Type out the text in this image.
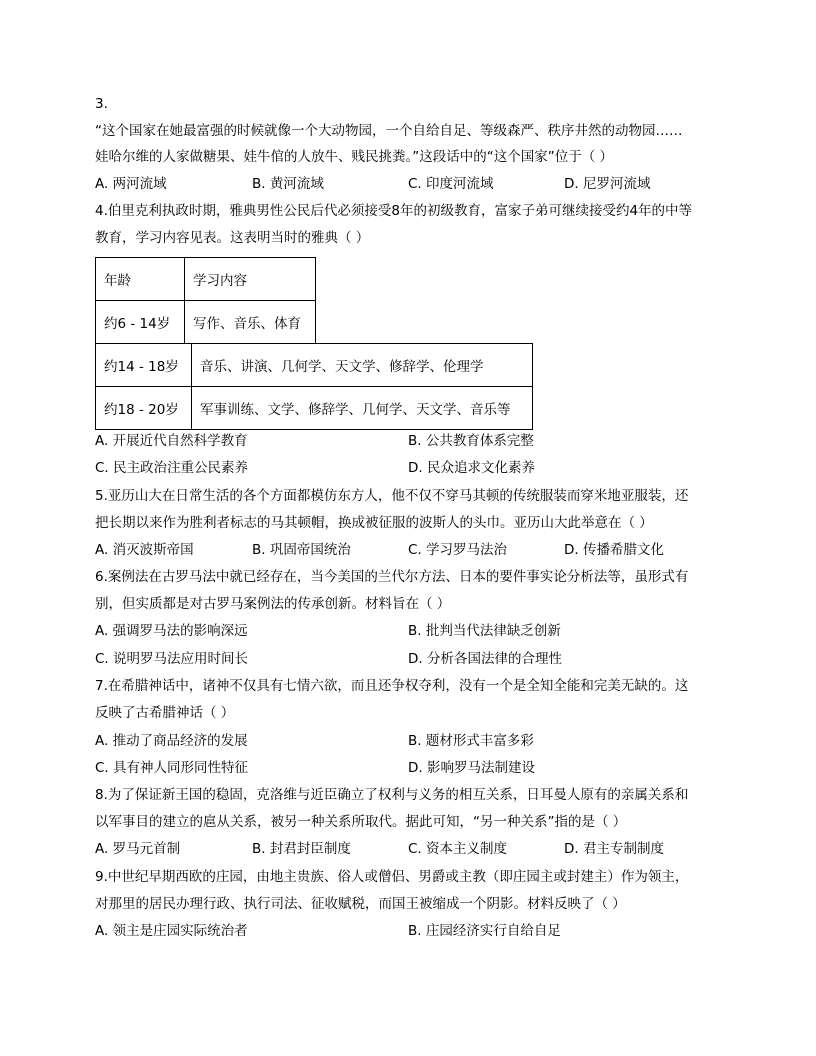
3.
“这个国家在她最富强的时候就像一个大动物园，一个自给自足、等级森严、秩序井然的动物园……
娃哈尔维的人家做糖果、娃牛倌的人放牛、贱民挑粪。”这段话中的“这个国家”位于（ ）
A. 两河流域	B. 黄河流域	C. 印度河流域	D. 尼罗河流域
4.伯里克利执政时期，雅典男性公民后代必须接受8年的初级教育，富家子弟可继续接受约4年的中等
教育，学习内容见表。这表明当时的雅典（ ）
年龄	学习内容
约6 - 14岁	写作、音乐、体育
约14 - 18岁	音乐、讲演、几何学、天文学、修辞学、伦理学
约18 - 20岁	军事训练、文学、修辞学、几何学、天文学、音乐等
A. 开展近代自然科学教育	B. 公共教育体系完整
C. 民主政治注重公民素养	D. 民众追求文化素养
5.亚历山大在日常生活的各个方面都模仿东方人，他不仅不穿马其顿的传统服装而穿米地亚服装，还
把长期以来作为胜利者标志的马其顿帽，换成被征服的波斯人的头巾。亚历山大此举意在（ ）
A. 消灭波斯帝国	B. 巩固帝国统治	C. 学习罗马法治	D. 传播希腊文化
6.案例法在古罗马法中就已经存在，当今美国的兰代尔方法、日本的要件事实论分析法等，虽形式有
别，但实质都是对古罗马案例法的传承创新。材料旨在（ ）
A. 强调罗马法的影响深远	B. 批判当代法律缺乏创新
C. 说明罗马法应用时间长	D. 分析各国法律的合理性
7.在希腊神话中，诸神不仅具有七情六欲，而且还争权夺利，没有一个是全知全能和完美无缺的。这
反映了古希腊神话（ ）
A. 推动了商品经济的发展	B. 题材形式丰富多彩
C. 具有神人同形同性特征	D. 影响罗马法制建设
8.为了保证新王国的稳固，克洛维与近臣确立了权利与义务的相互关系，日耳曼人原有的亲属关系和
以军事目的建立的扈从关系，被另一种关系所取代。据此可知，“另一种关系”指的是（ ）
A. 罗马元首制	B. 封君封臣制度	C. 资本主义制度	D. 君主专制制度
9.中世纪早期西欧的庄园，由地主贵族、俗人或僧侣、男爵或主教（即庄园主或封建主）作为领主，
对那里的居民办理行政、执行司法、征收赋税，而国王被缩成一个阴影。材料反映了（ ）
A. 领主是庄园实际统治者	B. 庄园经济实行自给自足
